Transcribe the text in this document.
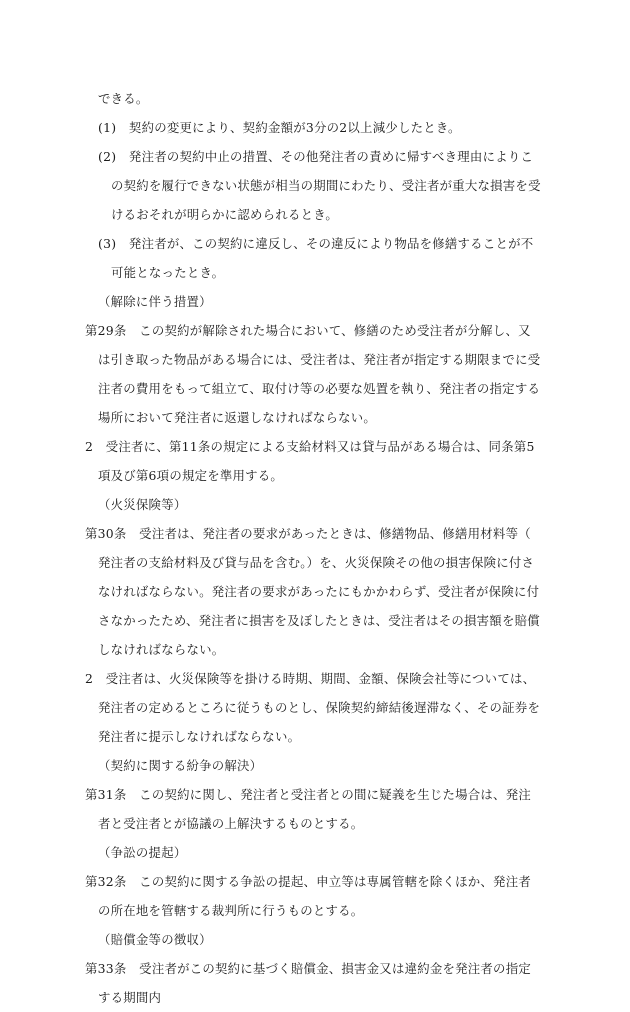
できる。
(1)　契約の変更により、契約金額が3分の2以上減少したとき。
(2)　発注者の契約中止の措置、その他発注者の責めに帰すべき理由によりこの契約を履行できない状態が相当の期間にわたり、受注者が重大な損害を受けるおそれが明らかに認められるとき。
(3)　発注者が、この契約に違反し、その違反により物品を修繕することが不可能となったとき。
（解除に伴う措置）
第29条　この契約が解除された場合において、修繕のため受注者が分解し、又は引き取った物品がある場合には、受注者は、発注者が指定する期限までに受注者の費用をもって組立て、取付け等の必要な処置を執り、発注者の指定する場所において発注者に返還しなければならない。
2　受注者に、第11条の規定による支給材料又は貸与品がある場合は、同条第5項及び第6項の規定を準用する。
（火災保険等）
第30条　受注者は、発注者の要求があったときは、修繕物品、修繕用材料等（発注者の支給材料及び貸与品を含む。）を、火災保険その他の損害保険に付さなければならない。発注者の要求があったにもかかわらず、受注者が保険に付さなかったため、発注者に損害を及ぼしたときは、受注者はその損害額を賠償しなければならない。
2　受注者は、火災保険等を掛ける時期、期間、金額、保険会社等については、発注者の定めるところに従うものとし、保険契約締結後遅滞なく、その証券を発注者に提示しなければならない。
（契約に関する紛争の解決）
第31条　この契約に関し、発注者と受注者との間に疑義を生じた場合は、発注者と受注者とが協議の上解決するものとする。
（争訟の提起）
第32条　この契約に関する争訟の提起、申立等は専属管轄を除くほか、発注者の所在地を管轄する裁判所に行うものとする。
（賠償金等の徴収）
第33条　受注者がこの契約に基づく賠償金、損害金又は違約金を発注者の指定する期間内
